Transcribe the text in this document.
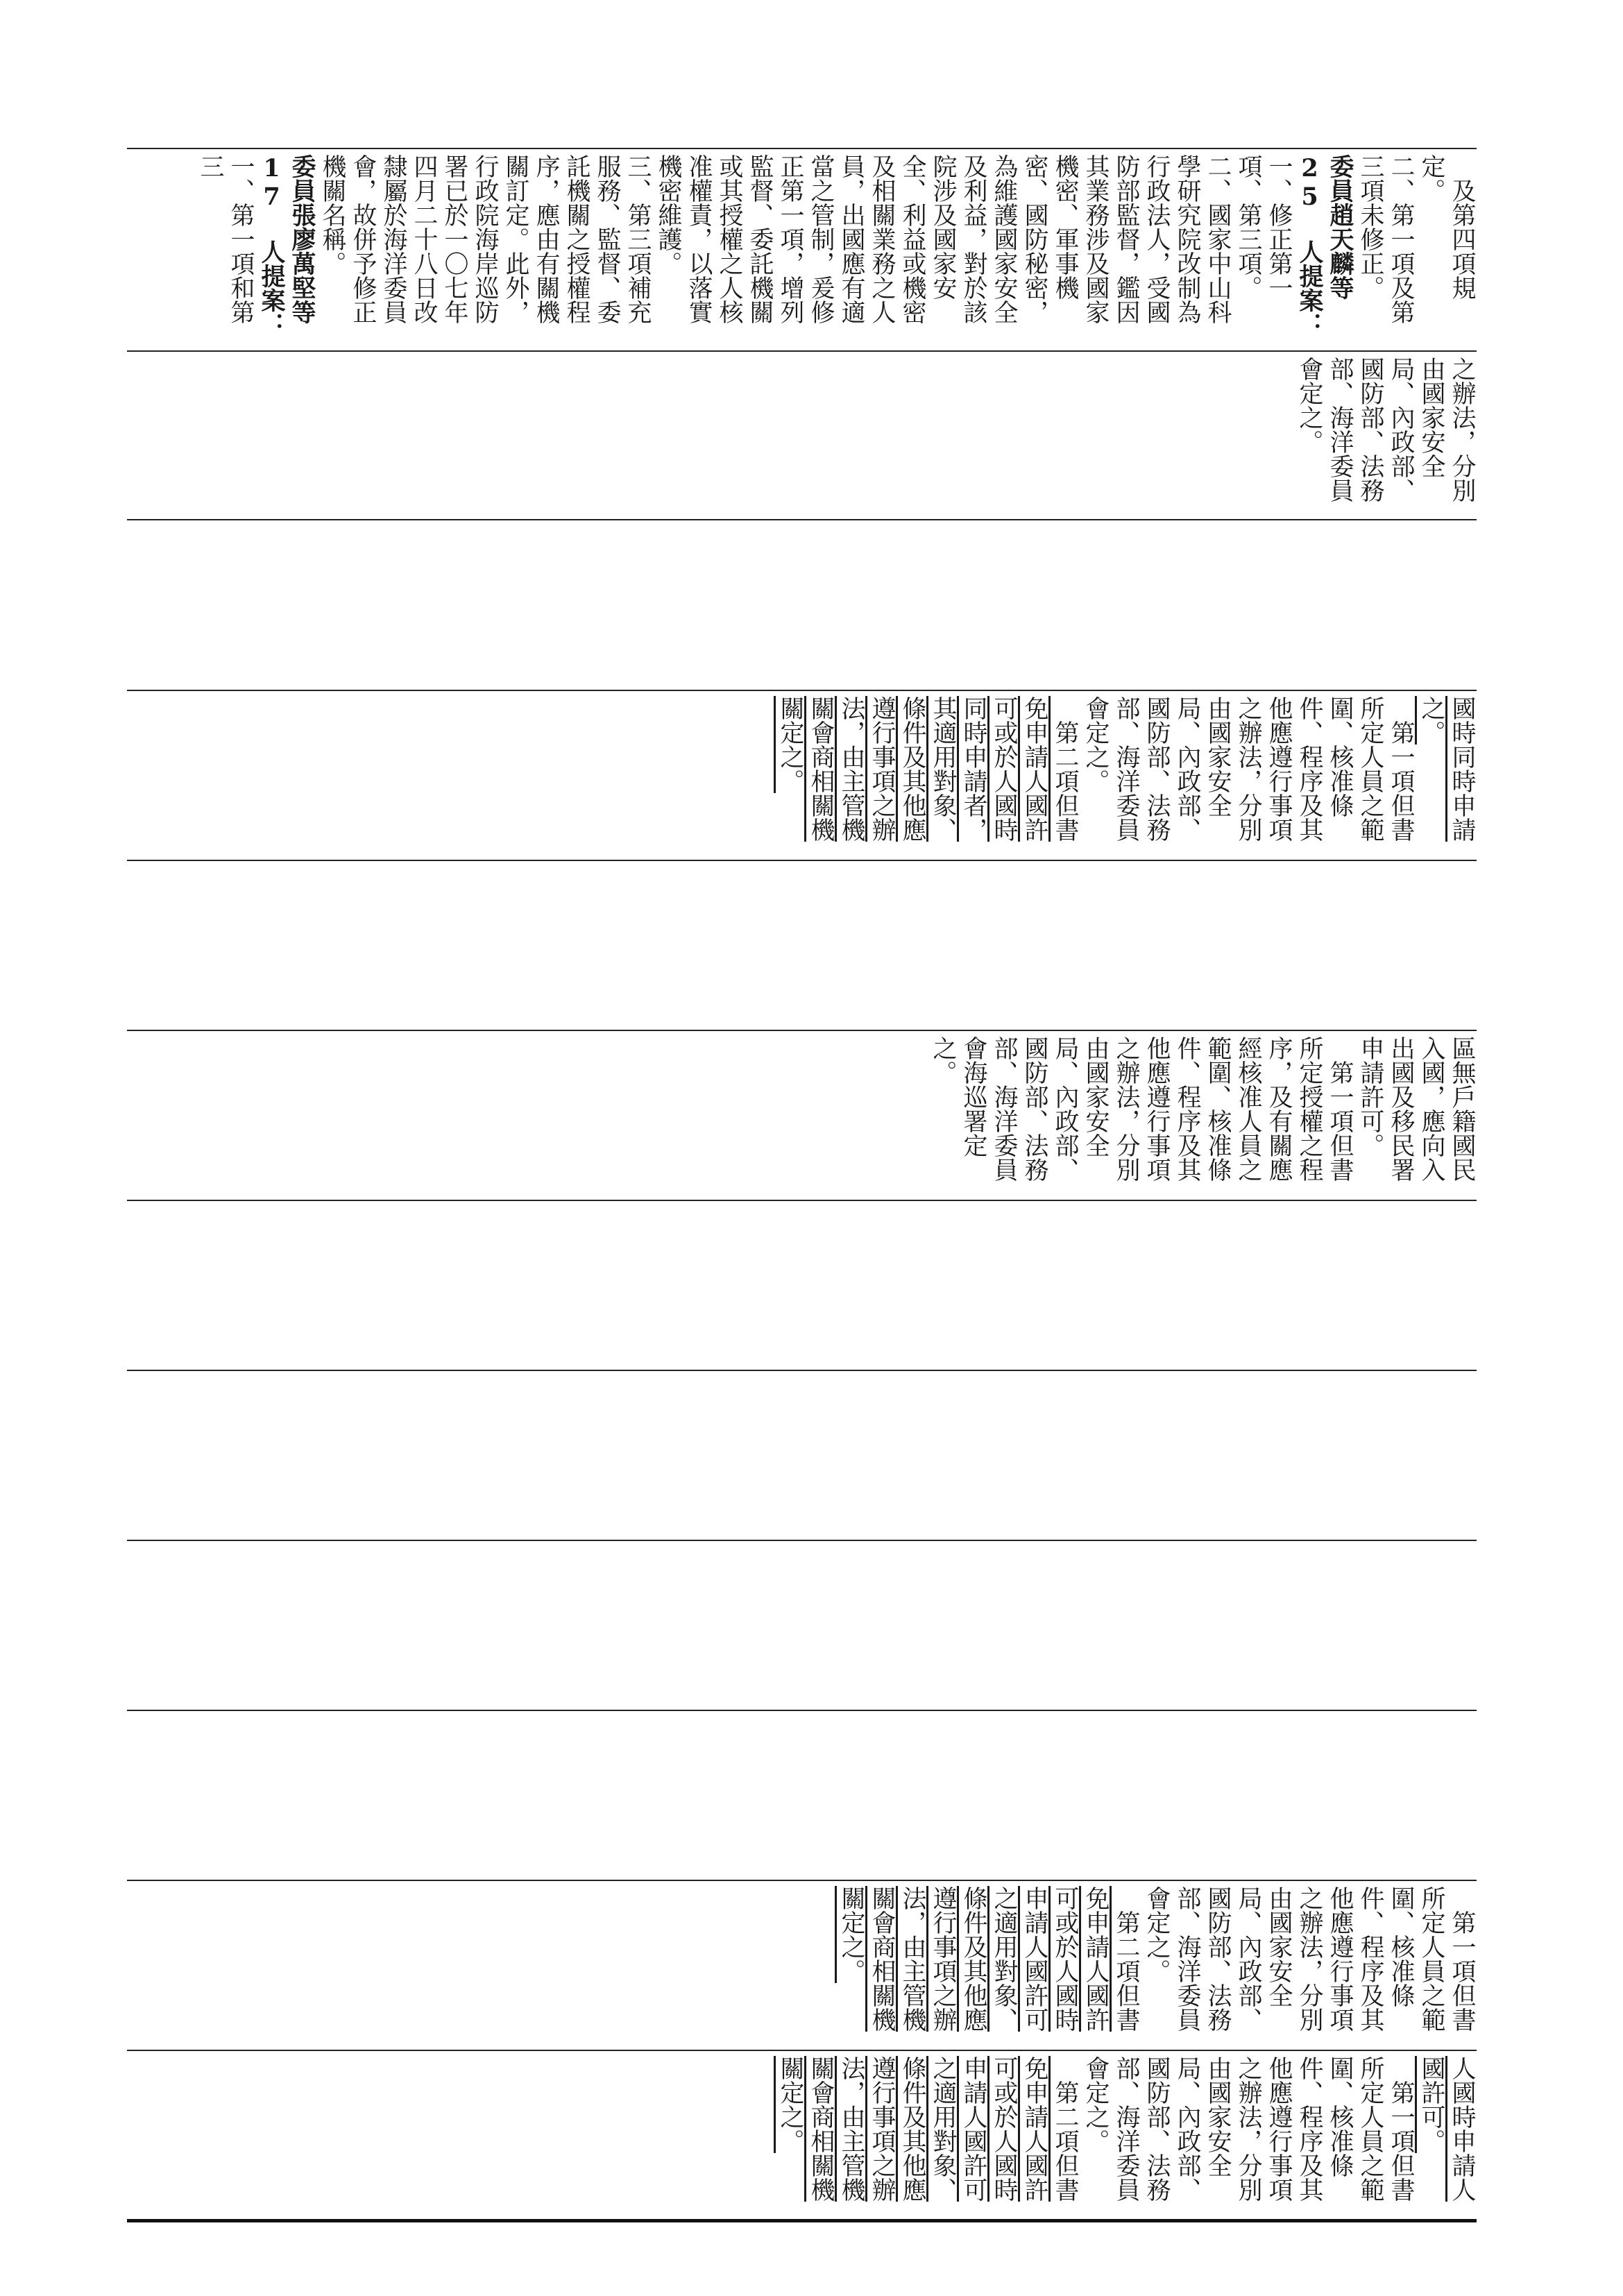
　及第四項規定。

二、第一項及第三項未修正。

委員趙天麟等 25 人提案：

一、修正第一項、第三項。

二、國家中山科學研究院改制為行政法人，受國防部監督，鑑因其業務涉及國家機密、軍事機密、國防秘密，為維護國家安全及利益，對於該院涉及國家安全、利益或機密及相關業務之人員，出國應有適當之管制，爰修正第一項，增列監督、委託機關或其授權之人核准權責，以落實機密維護。

三、第三項補充服務、監督、委託機關之授權程序，應由有關機關訂定。此外，行政院海岸巡防署已於一〇七年四月二十八日改隸屬於海洋委員會，故併予修正機關名稱。

委員張廖萬堅等 17 人提案：

一、第一項和第三

之辦法，分別由國家安全局、內政部、國防部、法務部、海洋委員會定之。

國時同時申請之。

　第一項但書所定人員之範圍、核准條件、程序及其他應遵行事項之辦法，分別由國家安全局、內政部、國防部、法務部、海洋委員會定之。

　第二項但書免申請人國許可或於人國時同時申請者，其適用對象、條件及其他應遵行事項之辦法，由主管機關會商相關機關定之。

區無戶籍國民入國，應向入出國及移民署申請許可。

　第一項但書所定授權之程序，及有關應經核准人員之範圍、核准條件、程序及其他應遵行事項之辦法，分別由國家安全局、內政部、國防部、法務部、海洋委員會海巡署定之。

　第一項但書所定人員之範圍、核准條件、程序及其他應遵行事項之辦法，分別由國家安全局、內政部、國防部、法務部、海洋委員會定之。

　第二項但書免申請人國許可或於人國時申請人國許可之適用對象、條件及其他應遵行事項之辦法，由主管機關會商相關機關定之。

人國時申請人國許可。

　第一項但書所定人員之範圍、核准條件、程序及其他應遵行事項之辦法，分別由國家安全局、內政部、國防部、法務部、海洋委員會定之。

　第二項但書免申請人國許可或於人國時申請人國許可之適用對象、條件及其他應遵行事項之辦法，由主管機關會商相關機關定之。
